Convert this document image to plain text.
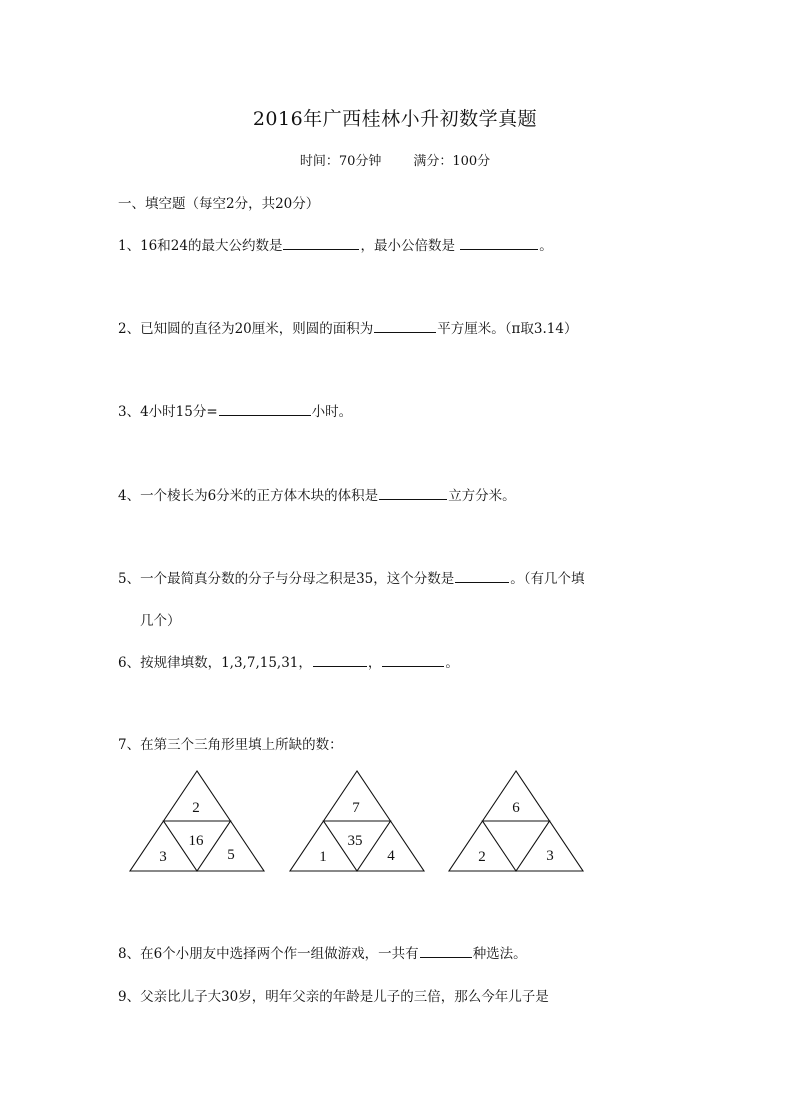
2016年广西桂林小升初数学真题
时间：70分钟 满分：100分
一、填空题（每空2分，共20分）
1、16和24的最大公约数是	，最小公倍数是	。
2、已知圆的直径为20厘米，则圆的面积为	平方厘米。（π取3.14）
3、4小时15分=	小时。
4、一个棱长为6分米的正方体木块的体积是	立方分米。
5、一个最简真分数的分子与分母之积是35，这个分数是	。（有几个填
几个）
6、按规律填数，1,3,7,15,31，	，	。
7、在第三个三角形里填上所缺的数：
2
16
3	5
7
35
1	4
6
2	3
8、在6个小朋友中选择两个作一组做游戏，一共有	种选法。
9、父亲比儿子大30岁，明年父亲的年龄是儿子的三倍，那么今年儿子是
